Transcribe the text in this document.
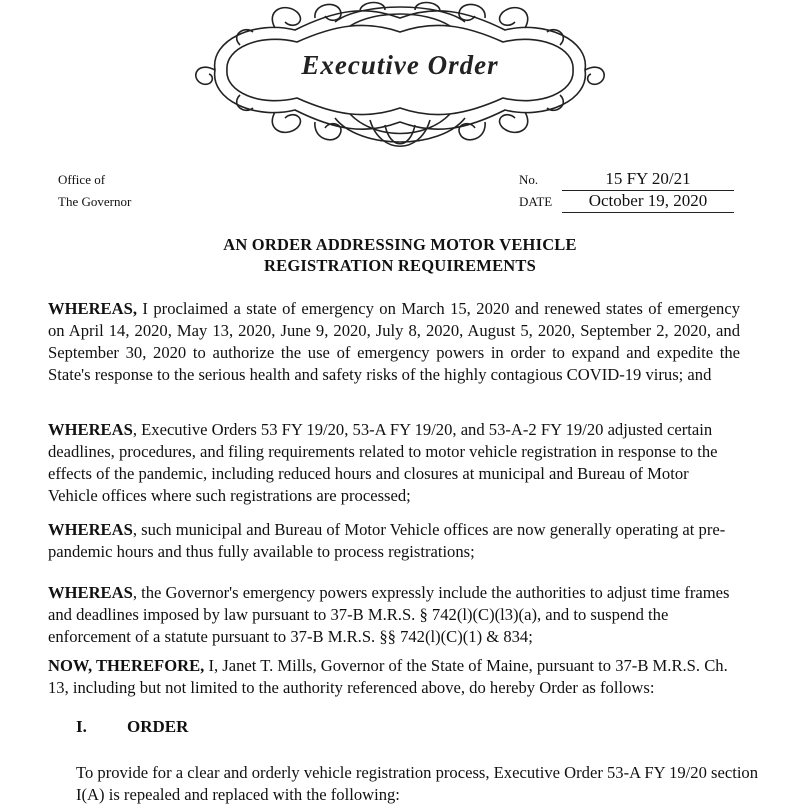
Executive Order
Office of
The Governor
No.	15 FY 20/21
DATE	October 19, 2020
AN ORDER ADDRESSING MOTOR VEHICLE
REGISTRATION REQUIREMENTS
WHEREAS, I proclaimed a state of emergency on March 15, 2020 and renewed states of emergency on April 14, 2020, May 13, 2020, June 9, 2020, July 8, 2020, August 5, 2020, September 2, 2020, and September 30, 2020 to authorize the use of emergency powers in order to expand and expedite the State's response to the serious health and safety risks of the highly contagious COVID-19 virus; and
WHEREAS, Executive Orders 53 FY 19/20, 53-A FY 19/20, and 53-A-2 FY 19/20 adjusted certain deadlines, procedures, and filing requirements related to motor vehicle registration in response to the effects of the pandemic, including reduced hours and closures at municipal and Bureau of Motor Vehicle offices where such registrations are processed;
WHEREAS, such municipal and Bureau of Motor Vehicle offices are now generally operating at pre-pandemic hours and thus fully available to process registrations;
WHEREAS, the Governor's emergency powers expressly include the authorities to adjust time frames and deadlines imposed by law pursuant to 37-B M.R.S. § 742(l)(C)(l3)(a), and to suspend the enforcement of a statute pursuant to 37-B M.R.S. §§ 742(l)(C)(1) & 834;
NOW, THEREFORE, I, Janet T. Mills, Governor of the State of Maine, pursuant to 37-B M.R.S. Ch. 13, including but not limited to the authority referenced above, do hereby Order as follows:
I. ORDER
To provide for a clear and orderly vehicle registration process, Executive Order 53-A FY 19/20 section I(A) is repealed and replaced with the following:
